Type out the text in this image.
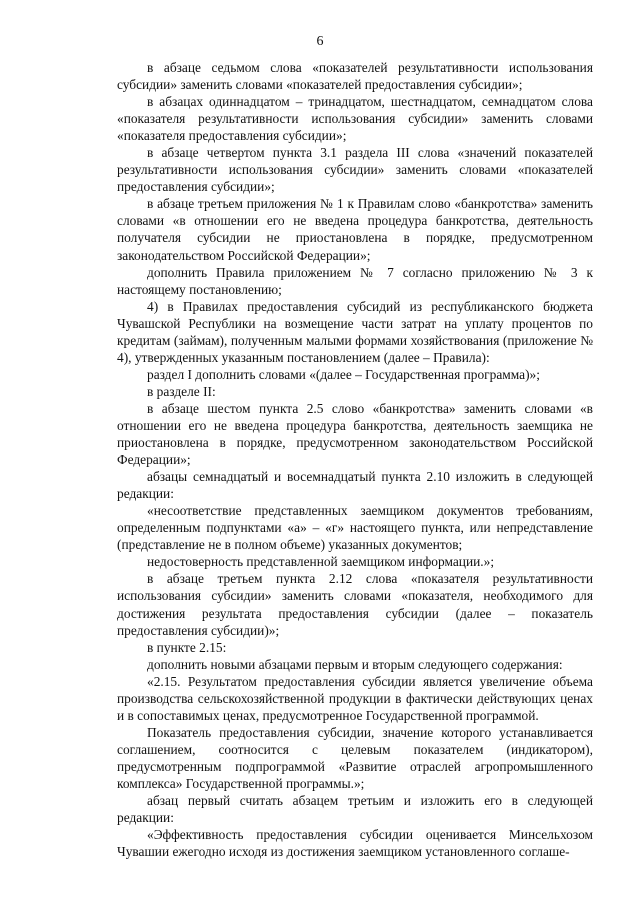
6

в абзаце седьмом слова «показателей результативности использования субсидии» заменить словами «показателей предоставления субсидии»;

в абзацах одиннадцатом – тринадцатом, шестнадцатом, семнадцатом слова «показателя результативности использования субсидии» заменить словами «показателя предоставления субсидии»;

в абзаце четвертом пункта 3.1 раздела III слова «значений показателей результативности использования субсидии» заменить словами «показателей предоставления субсидии»;

в абзаце третьем приложения № 1 к Правилам слово «банкротства» заменить словами «в отношении его не введена процедура банкротства, деятельность получателя субсидии не приостановлена в порядке, предусмотренном законодательством Российской Федерации»;

дополнить Правила приложением № 7 согласно приложению № 3 к настоящему постановлению;

4) в Правилах предоставления субсидий из республиканского бюджета Чувашской Республики на возмещение части затрат на уплату процентов по кредитам (займам), полученным малыми формами хозяйствования (приложение № 4), утвержденных указанным постановлением (далее – Правила):

раздел I дополнить словами «(далее – Государственная программа)»;

в разделе II:

в абзаце шестом пункта 2.5 слово «банкротства» заменить словами «в отношении его не введена процедура банкротства, деятельность заемщика не приостановлена в порядке, предусмотренном законодательством Российской Федерации»;

абзацы семнадцатый и восемнадцатый пункта 2.10 изложить в следующей редакции:

«несоответствие представленных заемщиком документов требованиям, определенным подпунктами «а» – «г» настоящего пункта, или непредставление (представление не в полном объеме) указанных документов;

недостоверность представленной заемщиком информации.»;

в абзаце третьем пункта 2.12 слова «показателя результативности использования субсидии» заменить словами «показателя, необходимого для достижения результата предоставления субсидии (далее – показатель предоставления субсидии)»;

в пункте 2.15:

дополнить новыми абзацами первым и вторым следующего содержания:

«2.15. Результатом предоставления субсидии является увеличение объема производства сельскохозяйственной продукции в фактически действующих ценах и в сопоставимых ценах, предусмотренное Государственной программой.

Показатель предоставления субсидии, значение которого устанавливается соглашением, соотносится с целевым показателем (индикатором), предусмотренным подпрограммой «Развитие отраслей агропромышленного комплекса» Государственной программы.»;

абзац первый считать абзацем третьим и изложить его в следующей редакции:

«Эффективность предоставления субсидии оценивается Минсельхозом Чувашии ежегодно исходя из достижения заемщиком установленного соглаше-
